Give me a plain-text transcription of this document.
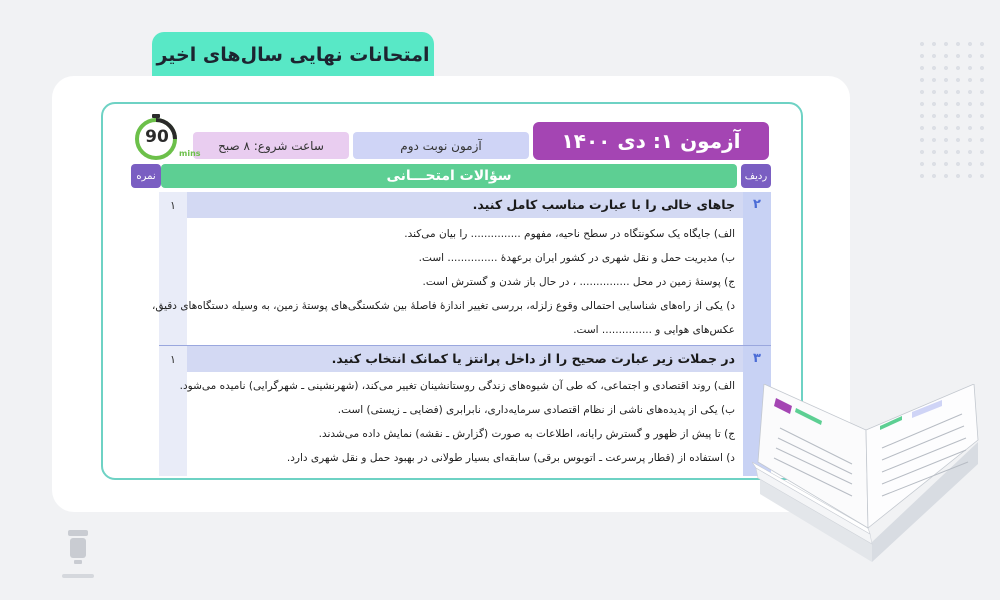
امتحانات نهایی سال‌های اخیر
آزمون ۱: دی ۱۴۰۰
آزمون نوبت دوم
ساعت شروع: ۸ صبح
90
mins
ردیف
سؤالات امتحـــانی
نمره
جاهای خالی را با عبارت مناسب کامل کنید.	۲
۱
الف) جایگاه یک سکونتگاه در سطح ناحیه، مفهوم ............... را بیان می‌کند.
ب) مدیریت حمل و نقل شهری در کشور ایران برعهدهٔ ............... است.
ج) پوستهٔ زمین در محل ............... ، در حال باز شدن و گسترش است.
د) یکی از راه‌های شناسایی احتمالی وقوع زلزله، بررسی تغییر اندازهٔ فاصلهٔ بین شکستگی‌های پوستهٔ زمین، به وسیله دستگاه‌های دقیق،
عکس‌های هوایی و ............... است.
در جملات زیر عبارت صحیح را از داخل پرانتز یا کمانک انتخاب کنید.	۳
۱
الف) روند اقتصادی و اجتماعی، که طی آن شیوه‌های زندگی روستانشینان تغییر می‌کند، (شهرنشینی ـ شهرگرایی) نامیده می‌شود.
ب) یکی از پدیده‌های ناشی از نظام اقتصادی سرمایه‌داری، نابرابری (فضایی ـ زیستی) است.
ج) تا پیش از ظهور و گسترش رایانه، اطلاعات به صورت (گزارش ـ نقشه) نمایش داده می‌شدند.
د) استفاده از (قطار پرسرعت ـ اتوبوس برقی) سابقه‌ای بسیار طولانی در بهبود حمل و نقل شهری دارد.
